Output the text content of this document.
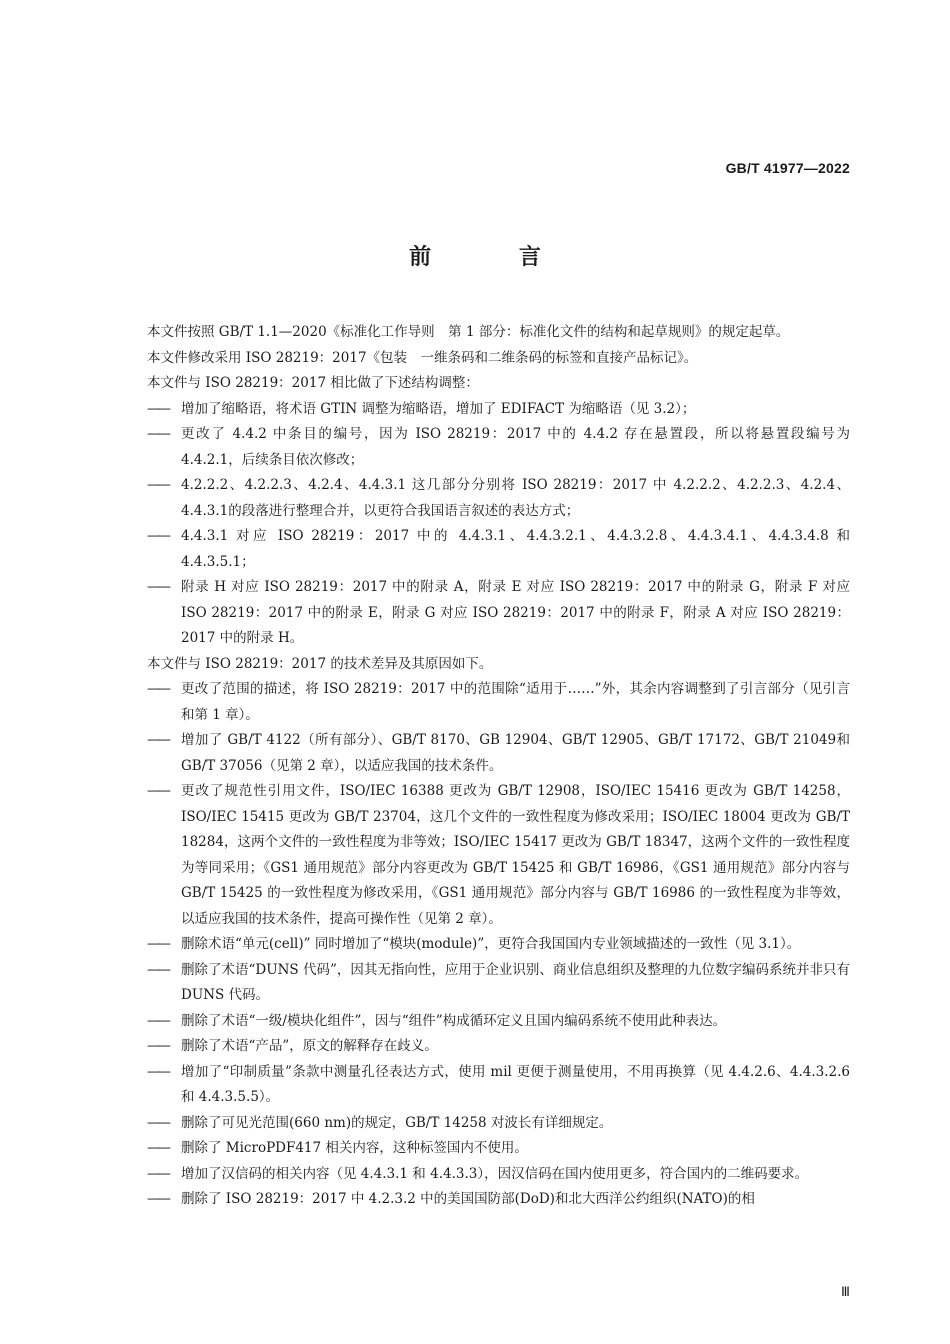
GB/T 41977—2022
前 言

本文件按照 GB/T 1.1—2020《标准化工作导则　第 1 部分：标准化文件的结构和起草规则》的规定起草。

本文件修改采用 ISO 28219：2017《包装　一维条码和二维条码的标签和直接产品标记》。

本文件与 ISO 28219：2017 相比做了下述结构调整：

—— 增加了缩略语，将术语 GTIN 调整为缩略语，增加了 EDIFACT 为缩略语（见 3.2）；

—— 更改了 4.4.2 中条目的编号，因为 ISO 28219：2017 中的 4.4.2 存在悬置段，所以将悬置段编号为 4.4.2.1，后续条目依次修改；

—— 4.2.2.2、4.2.2.3、4.2.4、4.4.3.1 这几部分分别将 ISO 28219：2017 中 4.2.2.2、4.2.2.3、4.2.4、4.4.3.1的段落进行整理合并，以更符合我国语言叙述的表达方式；

—— 4.4.3.1 对应 ISO 28219：2017 中的 4.4.3.1、4.4.3.2.1、4.4.3.2.8、4.4.3.4.1、4.4.3.4.8 和 4.4.3.5.1；

—— 附录 H 对应 ISO 28219：2017 中的附录 A，附录 E 对应 ISO 28219：2017 中的附录 G，附录 F 对应 ISO 28219：2017 中的附录 E，附录 G 对应 ISO 28219：2017 中的附录 F，附录 A 对应 ISO 28219：2017 中的附录 H。

本文件与 ISO 28219：2017 的技术差异及其原因如下。

—— 更改了范围的描述，将 ISO 28219：2017 中的范围除“适用于……”外，其余内容调整到了引言部分（见引言和第 1 章）。

—— 增加了 GB/T 4122（所有部分）、GB/T 8170、GB 12904、GB/T 12905、GB/T 17172、GB/T 21049和 GB/T 37056（见第 2 章），以适应我国的技术条件。

—— 更改了规范性引用文件，ISO/IEC 16388 更改为 GB/T 12908，ISO/IEC 15416 更改为 GB/T 14258，ISO/IEC 15415 更改为 GB/T 23704，这几个文件的一致性程度为修改采用；ISO/IEC 18004 更改为 GB/T 18284，这两个文件的一致性程度为非等效；ISO/IEC 15417 更改为 GB/T 18347，这两个文件的一致性程度为等同采用；《GS1 通用规范》部分内容更改为 GB/T 15425 和 GB/T 16986，《GS1 通用规范》部分内容与 GB/T 15425 的一致性程度为修改采用，《GS1 通用规范》部分内容与 GB/T 16986 的一致性程度为非等效，以适应我国的技术条件，提高可操作性（见第 2 章）。

—— 删除术语“单元(cell)” 同时增加了“模块(module)”，更符合我国国内专业领域描述的一致性（见 3.1）。

—— 删除了术语“DUNS 代码”，因其无指向性，应用于企业识别、商业信息组织及整理的九位数字编码系统并非只有 DUNS 代码。

—— 删除了术语“一级/模块化组件”，因与“组件”构成循环定义且国内编码系统不使用此种表达。

—— 删除了术语“产品”，原文的解释存在歧义。

—— 增加了“印制质量”条款中测量孔径表达方式，使用 mil 更便于测量使用，不用再换算（见 4.4.2.6、4.4.3.2.6 和 4.4.3.5.5）。

—— 删除了可见光范围(660 nm)的规定，GB/T 14258 对波长有详细规定。

—— 删除了 MicroPDF417 相关内容，这种标签国内不使用。

—— 增加了汉信码的相关内容（见 4.4.3.1 和 4.4.3.3），因汉信码在国内使用更多，符合国内的二维码要求。

—— 删除了 ISO 28219：2017 中 4.2.3.2 中的美国国防部(DoD)和北大西洋公约组织(NATO)的相

Ⅲ
